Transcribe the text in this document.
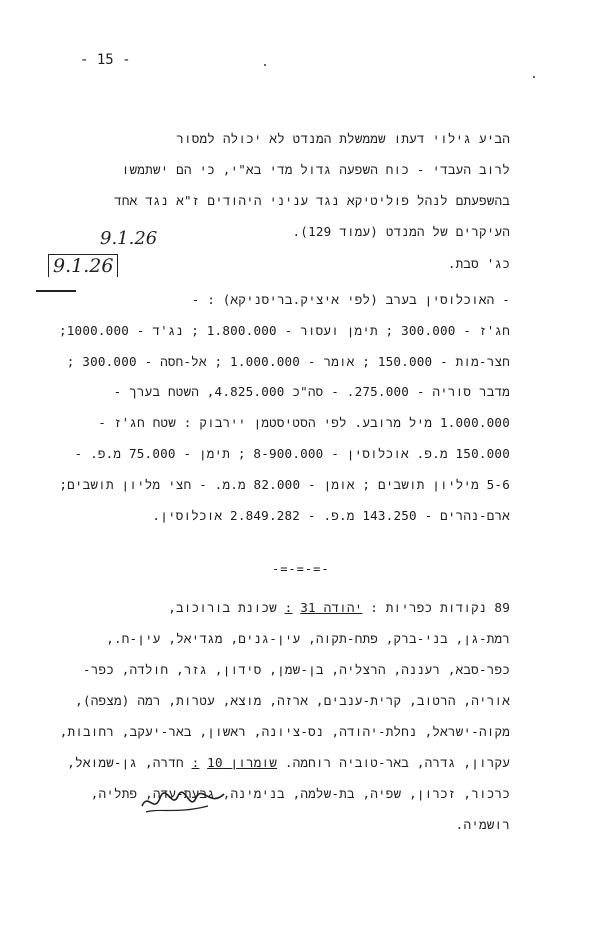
- 15 -
הביע גילוי דעתו שממשלת המנדט לא יכולה למסור
לרוב העבדי - כוח השפעה גדול מדי בא"י, כי הם ישתמשו
בהשפעתם לנהל פוליטיקא נגד עניני היהודים ז"א נגד אחד
העיקרים של המנדט (עמוד 129).
9.1.26
9.1.26	כג' סבת.
- האוכלוסין בערב (לפי איציק.בריסניקא) : -
חג'ז - 300.000 ; תימן ועסור - 1.800.000 ; נג'ד - 1000.000;
חצר-מות - 150.000 ; אומר - 1.000.000 ; אל-חסה - 300.000 ;
מדבר סוריה - 275.000. - סה"כ 4.825.000, השטח בערך -
1.000.000 מיל מרובע. לפי הסטיסטמן יירבוק : שטח חג'ז -
150.000 מ.פ. אוכלוסין - 8-900.000 ; תימן - 75.000 מ.פ. -
5-6 מיליון תושבים ; אומן - 82.000 מ.מ. - חצי מליון תושבים;
ארם-נהרים - 143.250 מ.פ. - 2.849.282 אוכלוסין.
-=-=-=-
89 נקודות כפריות : יהודה 31 : שכונת בורוכוב,
רמת-גן, בני-ברק, פתח-תקוה, עין-גנים, מגדיאל, עין-ח.,
כפר-סבא, רעננה, הרצליה, בן-שמן, סידון, גזר, חולדה, כפר-
אוריה, הרטוב, קרית-ענבים, ארזה, מוצא, עטרות, רמה (מצפה),
מקוה-ישראל, נחלת-יהודה, נס-ציונה, ראשון, באר-יעקב, רחובות,
עקרון, גדרה, באר-טוביה רוחמה. שומרון 10 : חדרה, גן-שמואל,
כרכור, זכרון, שפיה, בת-שלמה, בנימינה, גבעת-עדה, פתליה,
רושמיה.
